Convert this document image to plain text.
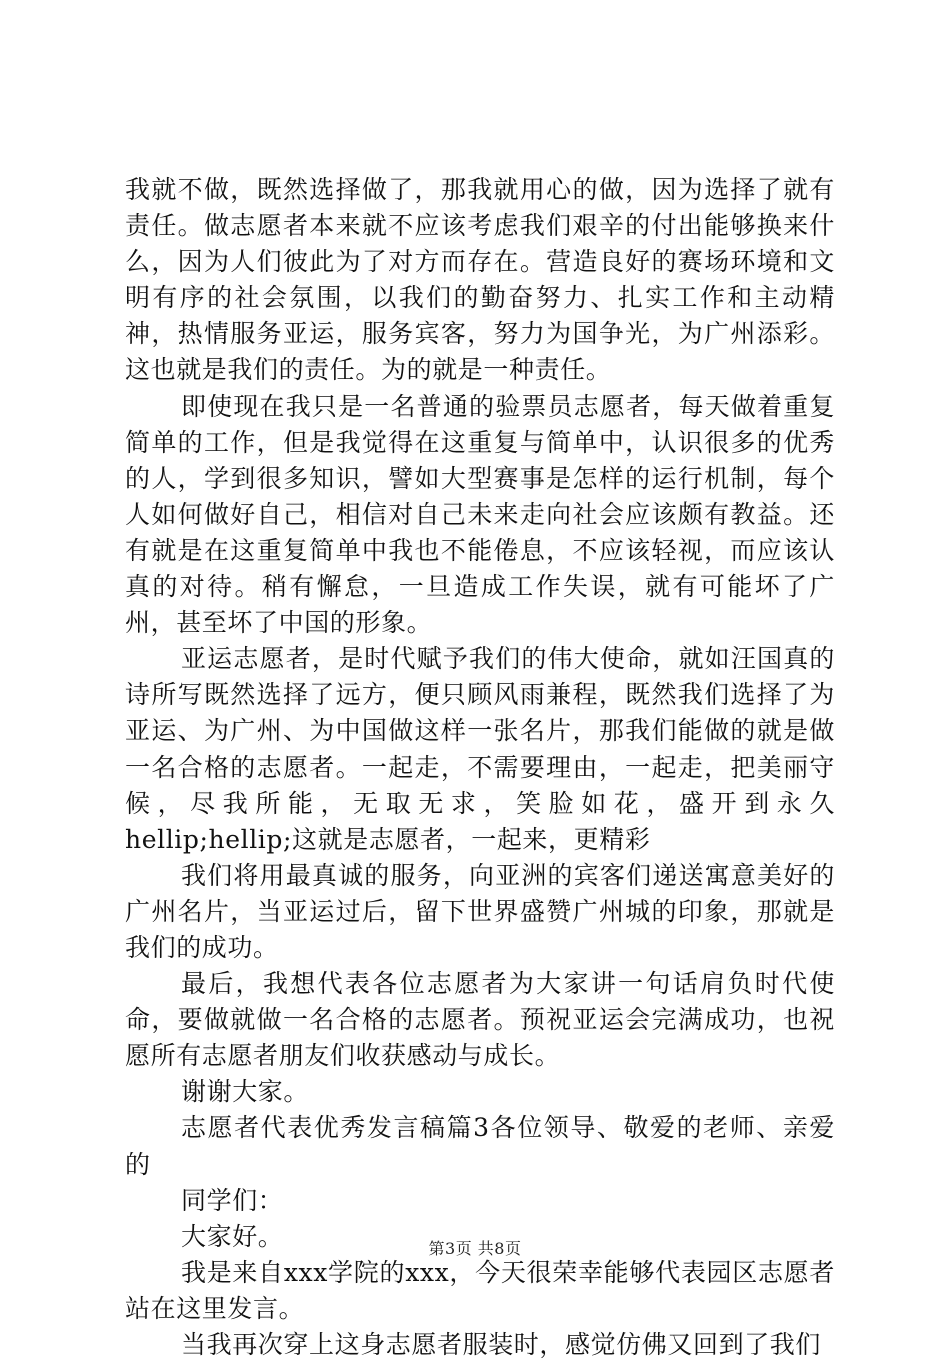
我就不做，既然选择做了，那我就用心的做，因为选择了就有责任。做志愿者本来就不应该考虑我们艰辛的付出能够换来什么，因为人们彼此为了对方而存在。营造良好的赛场环境和文明有序的社会氛围，以我们的勤奋努力、扎实工作和主动精神，热情服务亚运，服务宾客，努力为国争光，为广州添彩。这也就是我们的责任。为的就是一种责任。

即使现在我只是一名普通的验票员志愿者，每天做着重复简单的工作，但是我觉得在这重复与简单中，认识很多的优秀的人，学到很多知识，譬如大型赛事是怎样的运行机制，每个人如何做好自己，相信对自己未来走向社会应该颇有教益。还有就是在这重复简单中我也不能倦息，不应该轻视，而应该认真的对待。稍有懈怠，一旦造成工作失误，就有可能坏了广州，甚至坏了中国的形象。

亚运志愿者，是时代赋予我们的伟大使命，就如汪国真的诗所写既然选择了远方，便只顾风雨兼程，既然我们选择了为亚运、为广州、为中国做这样一张名片，那我们能做的就是做一名合格的志愿者。一起走，不需要理由，一起走，把美丽守候，尽我所能，无取无求，笑脸如花，盛开到永久

hellip;hellip;这就是志愿者，一起来，更精彩

我们将用最真诚的服务，向亚洲的宾客们递送寓意美好的广州名片，当亚运过后，留下世界盛赞广州城的印象，那就是我们的成功。

最后，我想代表各位志愿者为大家讲一句话肩负时代使命，要做就做一名合格的志愿者。预祝亚运会完满成功，也祝愿所有志愿者朋友们收获感动与成长。

谢谢大家。

志愿者代表优秀发言稿篇3各位领导、敬爱的老师、亲爱的

同学们：

大家好。

我是来自xxx学院的xxx，今天很荣幸能够代表园区志愿者站在这里发言。

当我再次穿上这身志愿者服装时，感觉仿佛又回到了我们

第3页 共8页
